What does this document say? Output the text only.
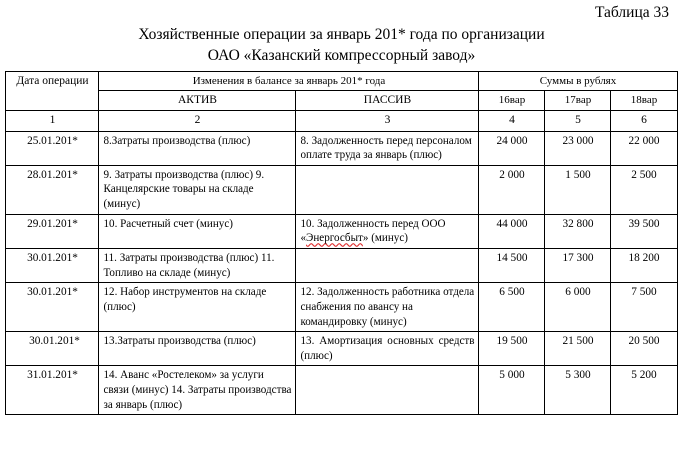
Таблица 33
Хозяйственные операции за январь 201* года по организации
ОАО «Казанский компрессорный завод»
Дата операции	Изменения в балансе за январь 201* года		Суммы в рублях		
	АКТИВ	ПАССИВ	16вар	17вар	18вар
1	2	3	4	5	6
25.01.201*	8.Затраты производства (плюс)	8. Задолженность перед персоналом оплате труда за январь (плюс)	24 000	23 000	22 000
28.01.201*	9. Затраты производства (плюс) 9. Канцелярские товары на складе (минус)		2 000	1 500	2 500
29.01.201*	10. Расчетный счет (минус)	10. Задолженность перед ООО «Энергосбыт» (минус)	44 000	32 800	39 500
30.01.201*	11. Затраты производства (плюс) 11. Топливо на складе (минус)		14 500	17 300	18 200
30.01.201*	12. Набор инструментов на складе (плюс)	12. Задолженность работника отдела снабжения по авансу на командировку (минус)	6 500	6 000	7 500
30.01.201*	13.Затраты производства (плюс)	13. Амортизация основных средств (плюс)	19 500	21 500	20 500
31.01.201*	14. Аванс «Ростелеком» за услуги связи (минус) 14. Затраты производства за январь (плюс)		5 000	5 300	5 200
